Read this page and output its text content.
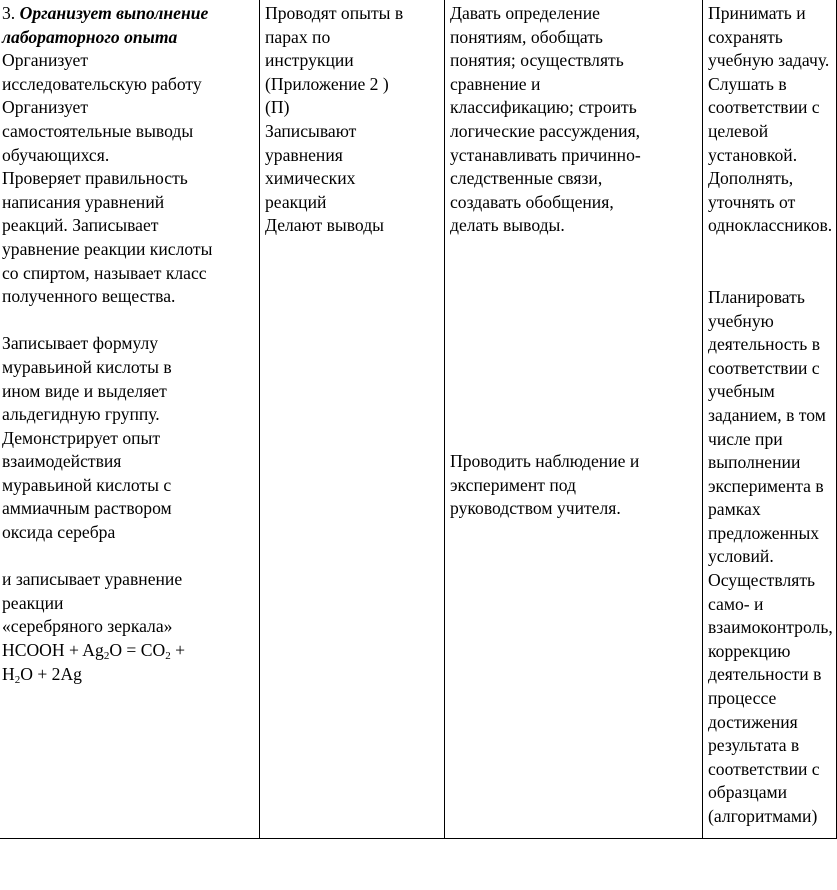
3. Организует выполнение
лабораторного опыта
Организует
исследовательскую работу
Организует
самостоятельные выводы
обучающихся.
Проверяет правильность
написания уравнений
реакций. Записывает
уравнение реакции кислоты
со спиртом, называет класс
полученного вещества.
Записывает формулу
муравьиной кислоты в
ином виде и выделяет
альдегидную группу.
Демонстрирует опыт
взаимодействия
муравьиной кислоты с
аммиачным раствором
оксида серебра
и записывает уравнение
реакции
«серебряного зеркала»
HCOOH + $Ag_2O = CO_2$ +
$H_2O + 2Ag$

Проводят опыты в
парах по
инструкции
(Приложение 2 )
(П)
Записывают
уравнения
химических
реакций
Делают выводы

Давать определение
понятиям, обобщать
понятия; осуществлять
сравнение и
классификацию; строить
логические рассуждения,
устанавливать причинно-
следственные связи,
создавать обобщения,
делать выводы.
Проводить наблюдение и
эксперимент под
руководством учителя.

Принимать и
сохранять
учебную задачу.
Слушать в
соответствии с
целевой
установкой.
Дополнять,
уточнять от
одноклассников.
Планировать
учебную
деятельность в
соответствии с
учебным
заданием, в том
числе при
выполнении
эксперимента в
рамках
предложенных
условий.
Осуществлять
само- и
взаимоконтроль,
коррекцию
деятельности в
процессе
достижения
результата в
соответствии с
образцами
(алгоритмами)
